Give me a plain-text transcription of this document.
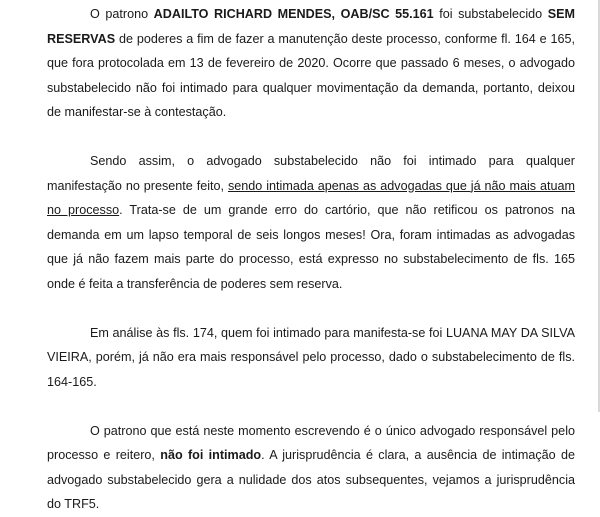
O patrono ADAILTO RICHARD MENDES, OAB/SC 55.161 foi substabelecido SEM RESERVAS de poderes a fim de fazer a manutenção deste processo, conforme fl. 164 e 165, que fora protocolada em 13 de fevereiro de 2020. Ocorre que passado 6 meses, o advogado substabelecido não foi intimado para qualquer movimentação da demanda, portanto, deixou de manifestar-se à contestação.

Sendo assim, o advogado substabelecido não foi intimado para qualquer manifestação no presente feito, sendo intimada apenas as advogadas que já não mais atuam no processo. Trata-se de um grande erro do cartório, que não retificou os patronos na demanda em um lapso temporal de seis longos meses! Ora, foram intimadas as advogadas que já não fazem mais parte do processo, está expresso no substabelecimento de fls. 165 onde é feita a transferência de poderes sem reserva.

Em análise às fls. 174, quem foi intimado para manifesta-se foi LUANA MAY DA SILVA VIEIRA, porém, já não era mais responsável pelo processo, dado o substabelecimento de fls. 164-165.

O patrono que está neste momento escrevendo é o único advogado responsável pelo processo e reitero, não foi intimado. A jurisprudência é clara, a ausência de intimação de advogado substabelecido gera a nulidade dos atos subsequentes, vejamos a jurisprudência do TRF5.
